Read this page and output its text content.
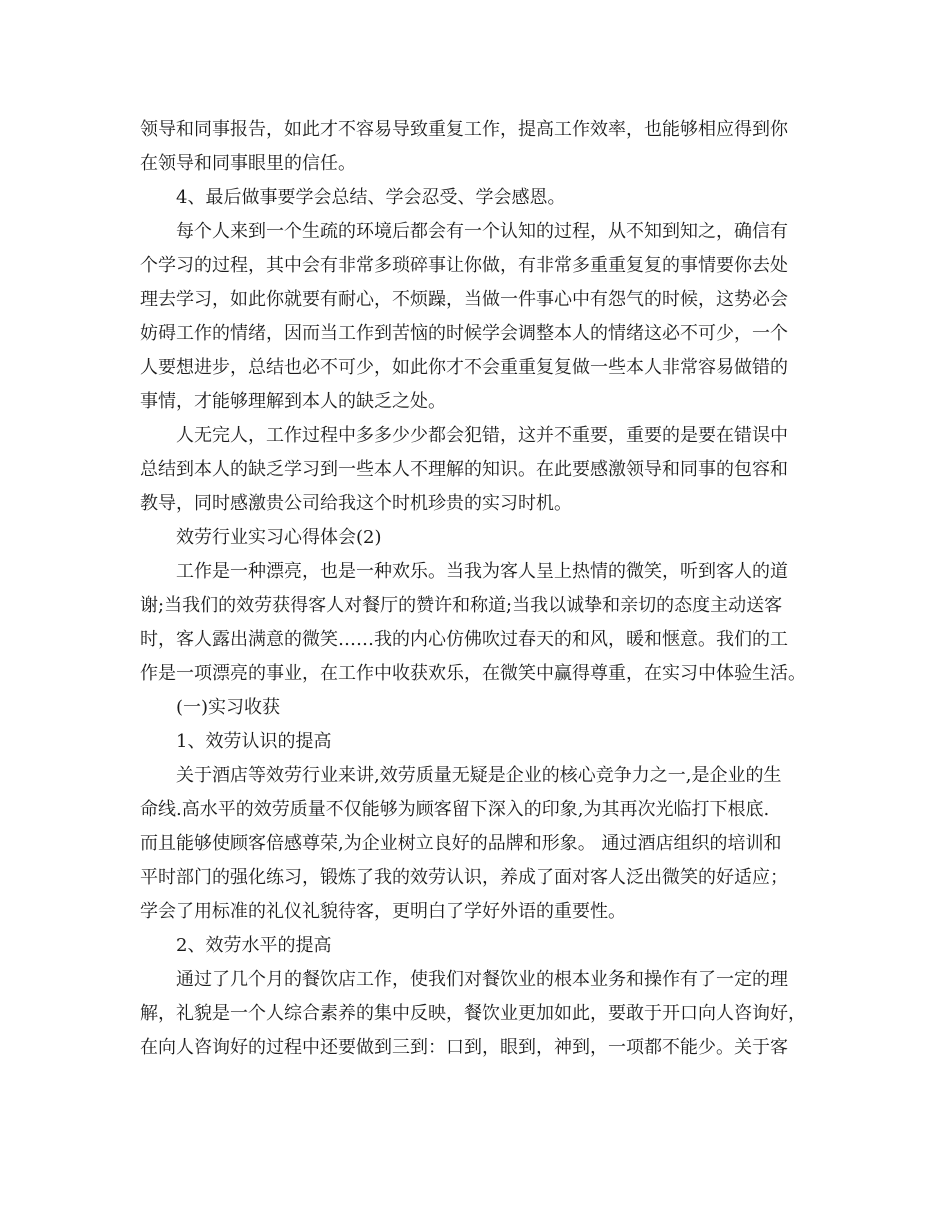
领导和同事报告，如此才不容易导致重复工作，提高工作效率，也能够相应得到你
在领导和同事眼里的信任。
4、最后做事要学会总结、学会忍受、学会感恩。
每个人来到一个生疏的环境后都会有一个认知的过程，从不知到知之，确信有
个学习的过程，其中会有非常多琐碎事让你做，有非常多重重复复的事情要你去处
理去学习，如此你就要有耐心，不烦躁，当做一件事心中有怨气的时候，这势必会
妨碍工作的情绪，因而当工作到苦恼的时候学会调整本人的情绪这必不可少，一个
人要想进步，总结也必不可少，如此你才不会重重复复做一些本人非常容易做错的
事情，才能够理解到本人的缺乏之处。
人无完人，工作过程中多多少少都会犯错，这并不重要，重要的是要在错误中
总结到本人的缺乏学习到一些本人不理解的知识。在此要感激领导和同事的包容和
教导，同时感激贵公司给我这个时机珍贵的实习时机。
效劳行业实习心得体会(2)
工作是一种漂亮，也是一种欢乐。当我为客人呈上热情的微笑，听到客人的道
谢;当我们的效劳获得客人对餐厅的赞许和称道;当我以诚挚和亲切的态度主动送客
时，客人露出满意的微笑……我的内心仿佛吹过春天的和风，暖和惬意。我们的工
作是一项漂亮的事业，在工作中收获欢乐，在微笑中赢得尊重，在实习中体验生活。
(一)实习收获
1、效劳认识的提高
关于酒店等效劳行业来讲,效劳质量无疑是企业的核心竞争力之一,是企业的生
命线.高水平的效劳质量不仅能够为顾客留下深入的印象,为其再次光临打下根底.
而且能够使顾客倍感尊荣,为企业树立良好的品牌和形象。 通过酒店组织的培训和
平时部门的强化练习，锻炼了我的效劳认识，养成了面对客人泛出微笑的好适应；
学会了用标准的礼仪礼貌待客，更明白了学好外语的重要性。
2、效劳水平的提高
通过了几个月的餐饮店工作，使我们对餐饮业的根本业务和操作有了一定的理
解，礼貌是一个人综合素养的集中反映，餐饮业更加如此，要敢于开口向人咨询好，
在向人咨询好的过程中还要做到三到：口到，眼到，神到，一项都不能少。关于客
